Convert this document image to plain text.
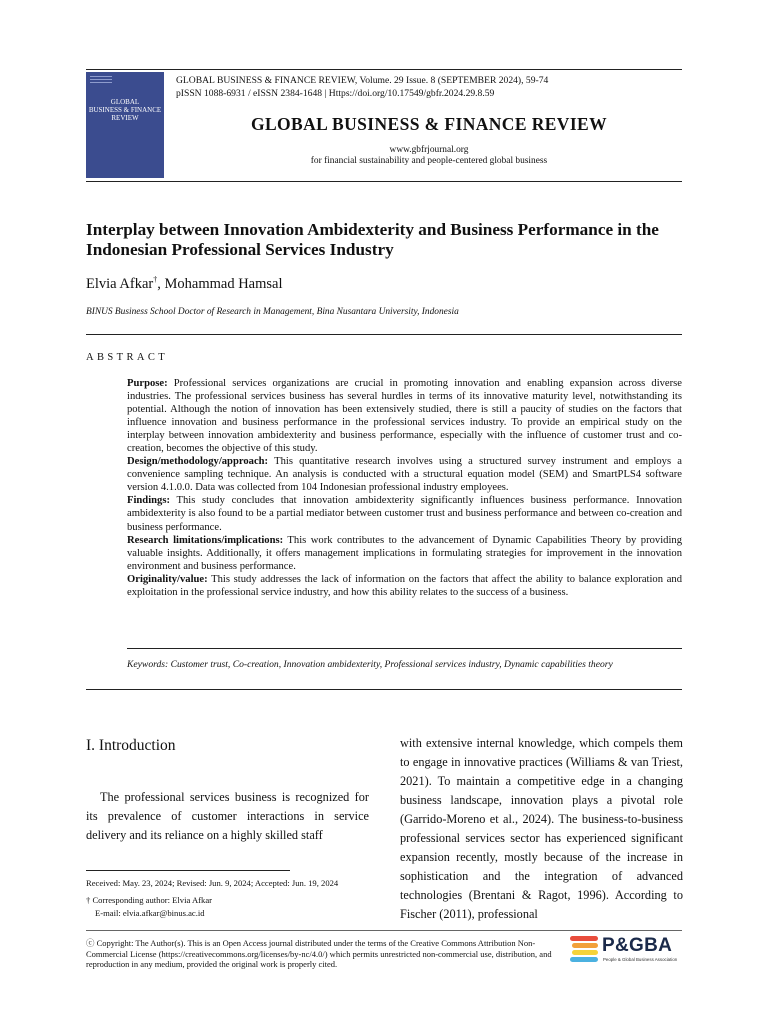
GLOBAL
BUSINESS & FINANCE
REVIEW
GLOBAL BUSINESS & FINANCE REVIEW, Volume. 29 Issue. 8 (SEPTEMBER 2024), 59-74
pISSN 1088-6931 / eISSN 2384-1648 | Https://doi.org/10.17549/gbfr.2024.29.8.59
GLOBAL BUSINESS & FINANCE REVIEW
www.gbfrjournal.org
for financial sustainability and people-centered global business
Interplay between Innovation Ambidexterity and Business Performance in the Indonesian Professional Services Industry
Elvia Afkar†, Mohammad Hamsal
BINUS Business School Doctor of Research in Management, Bina Nusantara University, Indonesia
ABSTRACT

Purpose: Professional services organizations are crucial in promoting innovation and enabling expansion across diverse industries. The professional services business has several hurdles in terms of its innovative maturity level, notwithstanding its potential. Although the notion of innovation has been extensively studied, there is still a paucity of studies on the factors that influence innovation and business performance in the professional services industry. To provide an empirical study on the interplay between innovation ambidexterity and business performance, especially with the influence of customer trust and co-creation, becomes the objective of this study.

Design/methodology/approach: This quantitative research involves using a structured survey instrument and employs a convenience sampling technique. An analysis is conducted with a structural equation model (SEM) and SmartPLS4 software version 4.1.0.0. Data was collected from 104 Indonesian professional industry employees.

Findings: This study concludes that innovation ambidexterity significantly influences business performance. Innovation ambidexterity is also found to be a partial mediator between customer trust and business performance and between co-creation and business performance.

Research limitations/implications: This work contributes to the advancement of Dynamic Capabilities Theory by providing valuable insights. Additionally, it offers management implications in formulating strategies for improvement in the innovation environment and business performance.

Originality/value: This study addresses the lack of information on the factors that affect the ability to balance exploration and exploitation in the professional service industry, and how this ability relates to the success of a business.

Keywords: Customer trust, Co-creation, Innovation ambidexterity, Professional services industry, Dynamic capabilities theory
I. Introduction

The professional services business is recognized for its prevalence of customer interactions in service delivery and its reliance on a highly skilled staff

with extensive internal knowledge, which compels them to engage in innovative practices (Williams & van Triest, 2021). To maintain a competitive edge in a changing business landscape, innovation plays a pivotal role (Garrido-Moreno et al., 2024). The business-to-business professional services sector has experienced significant expansion recently, mostly because of the increase in sophistication and the integration of advanced technologies (Brentani & Ragot, 1996). According to Fischer (2011), professional

Received: May. 23, 2024; Revised: Jun. 9, 2024; Accepted: Jun. 19, 2024
† Corresponding author: Elvia Afkar
E-mail: elvia.afkar@binus.ac.id
ⓒ Copyright: The Author(s). This is an Open Access journal distributed under the terms of the Creative Commons Attribution Non-Commercial License (https://creativecommons.org/licenses/by-nc/4.0/) which permits unrestricted non-commercial use, distribution, and reproduction in any medium, provided the original work is properly cited.
P&GBA
People & Global Business Association
